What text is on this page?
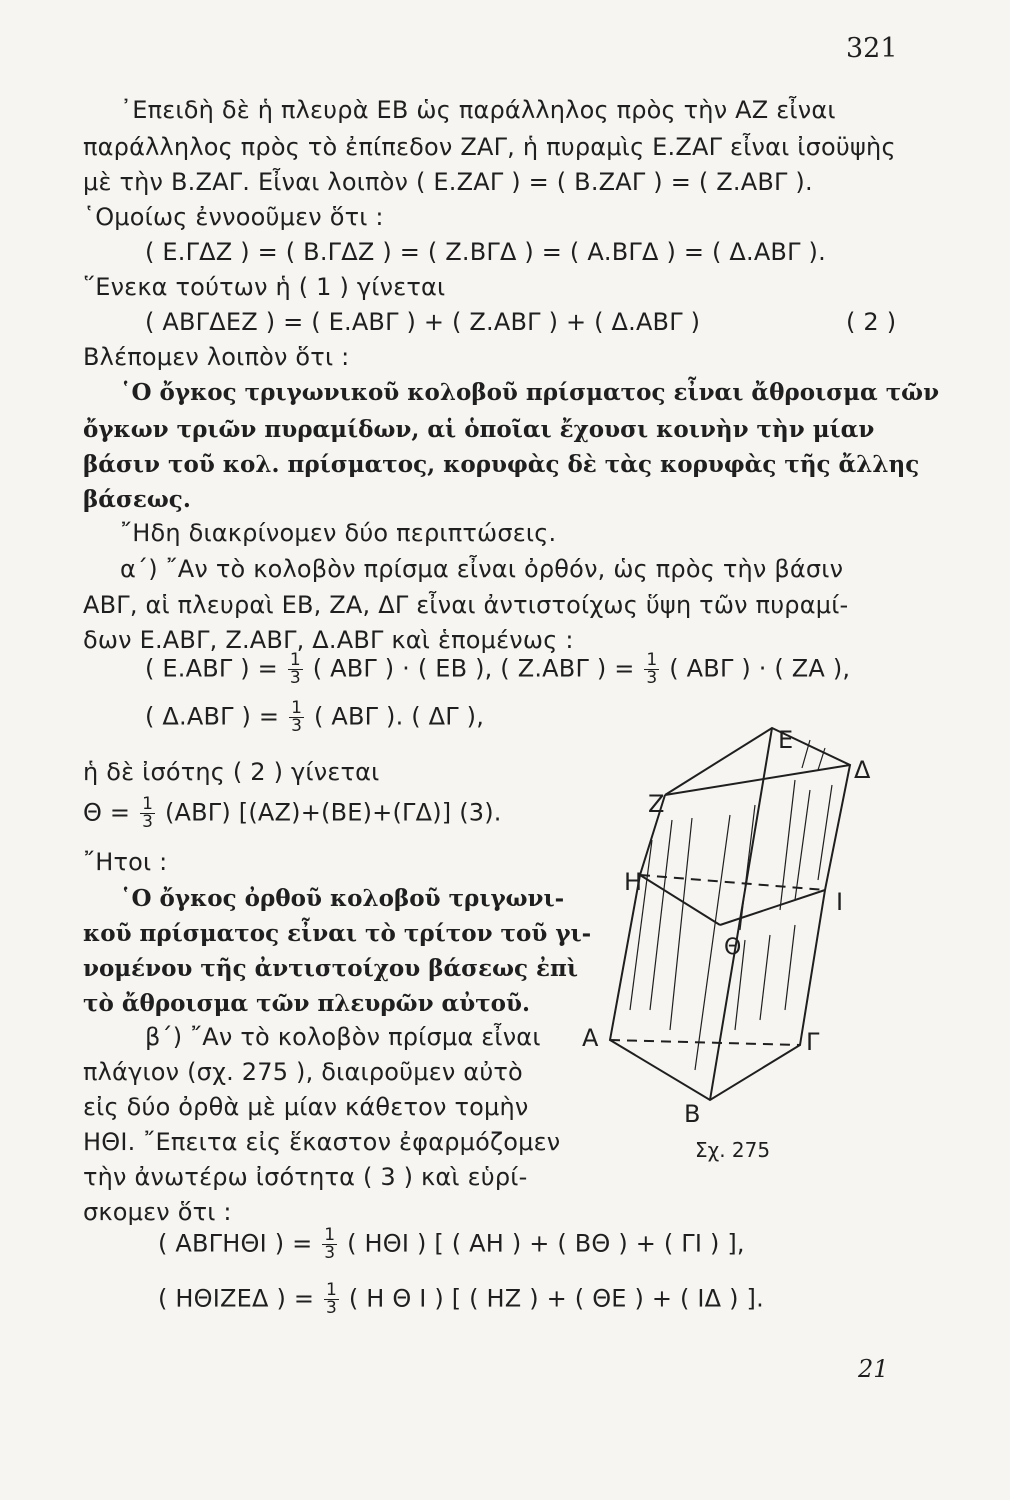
321
᾿Επειδὴ δὲ ἡ πλευρὰ ΕΒ ὡς παράλληλος πρὸς τὴν ΑΖ εἶναι
παράλληλος πρὸς τὸ ἐπίπεδον ΖΑΓ, ἡ πυραμὶς Ε.ΖΑΓ εἶναι ἰσοϋψὴς
μὲ τὴν Β.ΖΑΓ. Εἶναι λοιπὸν ( Ε.ΖΑΓ ) = ( Β.ΖΑΓ ) = ( Ζ.ΑΒΓ ).
῾Ομοίως ἐννοοῦμεν ὅτι :
( Ε.ΓΔΖ ) = ( Β.ΓΔΖ ) = ( Ζ.ΒΓΔ ) = ( Α.ΒΓΔ ) = ( Δ.ΑΒΓ ).
῞Ενεκα τούτων ἡ ( 1 ) γίνεται
( ΑΒΓΔΕΖ ) = ( Ε.ΑΒΓ ) + ( Ζ.ΑΒΓ ) + ( Δ.ΑΒΓ )	( 2 )
Βλέπομεν λοιπὸν ὅτι :
῾Ο ὄγκος τριγωνικοῦ κολοβοῦ πρίσματος εἶναι ἄθροισμα τῶν
ὄγκων τριῶν πυραμίδων, αἱ ὁποῖαι ἔχουσι κοινὴν τὴν μίαν
βάσιν τοῦ κολ. πρίσματος, κορυφὰς δὲ τὰς κορυφὰς τῆς ἄλλης
βάσεως.
῎Ηδη διακρίνομεν δύο περιπτώσεις.
α΄) ῎Αν τὸ κολοβὸν πρίσμα εἶναι ὀρθόν, ὡς πρὸς τὴν βάσιν
ΑΒΓ, αἱ πλευραὶ ΕΒ, ΖΑ, ΔΓ εἶναι ἀντιστοίχως ὕψη τῶν πυραμί-
δων Ε.ΑΒΓ, Ζ.ΑΒΓ, Δ.ΑΒΓ καὶ ἑπομένως :
( Ε.ΑΒΓ ) = $\frac{1}{3}$ ( ΑΒΓ ) · ( ΕΒ ), ( Ζ.ΑΒΓ ) = $\frac{1}{3}$ ( ΑΒΓ ) · ( ΖΑ ),
( Δ.ΑΒΓ ) = $\frac{1}{3}$ ( ΑΒΓ ). ( ΔΓ ),
ἡ δὲ ἰσότης ( 2 ) γίνεται
$\Theta = \frac{1}{3} (AB\Gamma)$ [(ΑΖ)+(ΒΕ)+(ΓΔ)] (3).
῎Ητοι :
῾Ο ὄγκος ὀρθοῦ κολοβοῦ τριγωνι-
κοῦ πρίσματος εἶναι τὸ τρίτον τοῦ γι-
νομένου τῆς ἀντιστοίχου βάσεως ἐπὶ
τὸ ἄθροισμα τῶν πλευρῶν αὐτοῦ.
β΄) ῎Αν τὸ κολοβὸν πρίσμα εἶναι
πλάγιον (σχ. 275 ), διαιροῦμεν αὐτὸ
εἰς δύο ὀρθὰ μὲ μίαν κάθετον τομὴν
ΗΘΙ. ῎Επειτα εἰς ἕκαστον ἐφαρμόζομεν
τὴν ἀνωτέρω ἰσότητα ( 3 ) καὶ εὑρί-
σκομεν ὅτι :
( ΑΒΓΗΘΙ ) = $\frac{1}{3}$ ( ΗΘΙ ) [ ( ΑΗ ) + ( ΒΘ ) + ( ΓΙ ) ],
( ΗΘΙΖΕΔ ) = $\frac{1}{3}$ ( Η Θ Ι ) [ ( ΗΖ ) + ( ΘΕ ) + ( ΙΔ ) ].
E
Δ
Z
H
I
Θ
A	Γ
B
Σχ. 275
21
